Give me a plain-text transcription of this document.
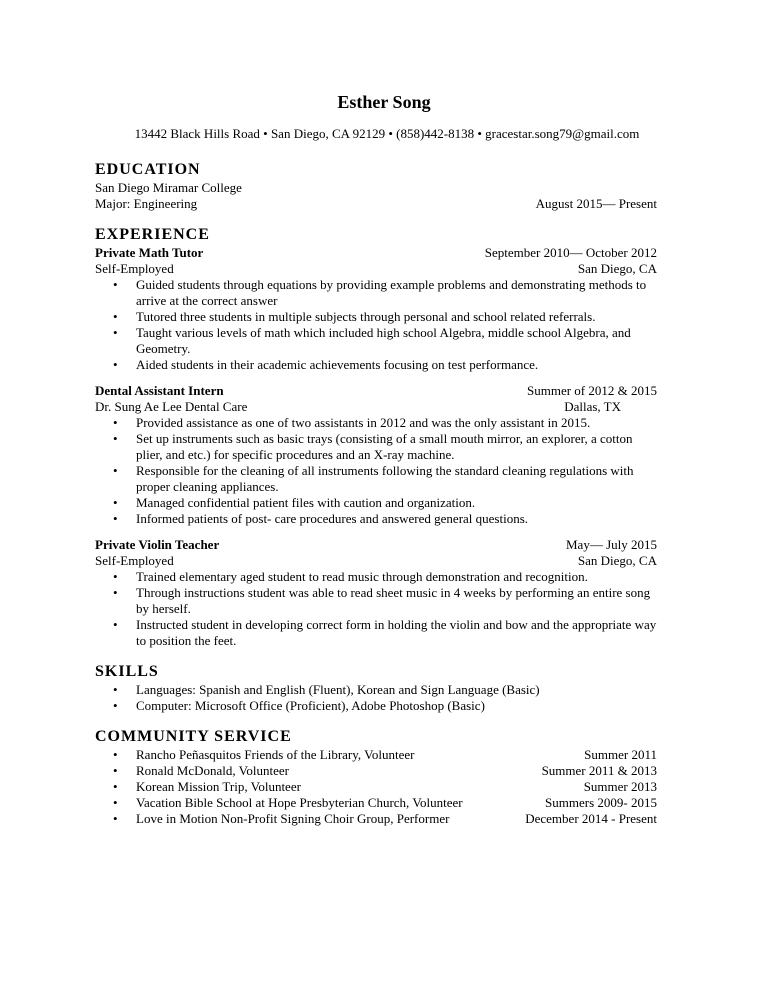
Esther Song
13442 Black Hills Road • San Diego, CA 92129 • (858)442-8138 • gracestar.song79@gmail.com
EDUCATION
San Diego Miramar College
Major: Engineering	August 2015— Present
EXPERIENCE
Private Math Tutor	September 2010— October 2012
Self-Employed	San Diego, CA
• Guided students through equations by providing example problems and demonstrating methods to arrive at the correct answer
• Tutored three students in multiple subjects through personal and school related referrals.
• Taught various levels of math which included high school Algebra, middle school Algebra, and Geometry.
• Aided students in their academic achievements focusing on test performance.
Dental Assistant Intern	Summer of 2012 & 2015
Dr. Sung Ae Lee Dental Care	Dallas, TX
• Provided assistance as one of two assistants in 2012 and was the only assistant in 2015.
• Set up instruments such as basic trays (consisting of a small mouth mirror, an explorer, a cotton plier, and etc.) for specific procedures and an X-ray machine.
• Responsible for the cleaning of all instruments following the standard cleaning regulations with proper cleaning appliances.
• Managed confidential patient files with caution and organization.
• Informed patients of post- care procedures and answered general questions.
Private Violin Teacher	May— July 2015
Self-Employed	San Diego, CA
• Trained elementary aged student to read music through demonstration and recognition.
• Through instructions student was able to read sheet music in 4 weeks by performing an entire song by herself.
• Instructed student in developing correct form in holding the violin and bow and the appropriate way to position the feet.
SKILLS
• Languages: Spanish and English (Fluent), Korean and Sign Language (Basic)
• Computer: Microsoft Office (Proficient), Adobe Photoshop (Basic)
COMMUNITY SERVICE
• Rancho Peñasquitos Friends of the Library, Volunteer	Summer 2011
• Ronald McDonald, Volunteer	Summer 2011 & 2013
• Korean Mission Trip, Volunteer	Summer 2013
• Vacation Bible School at Hope Presbyterian Church, Volunteer	Summers 2009- 2015
• Love in Motion Non-Profit Signing Choir Group, Performer	December 2014 - Present
